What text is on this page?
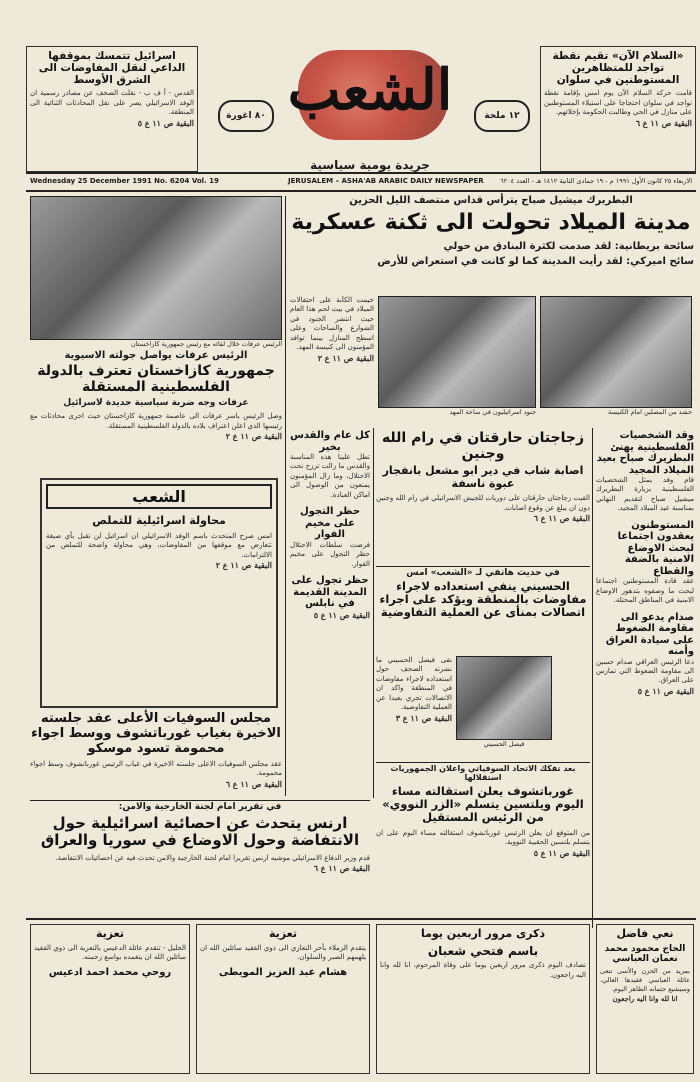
«السلام الآن» تقيم نقطة تواجد للمتظاهرين المستوطنين في سلوان
قامت حركة السلام الآن يوم امس بإقامة نقطة تواجد في سلوان احتجاجا على استيلاء المستوطنين على منازل في الحي وطالبت الحكومة بإخلائهم.
البقية ص ١١ ع ٦
اسرائيل تتمسك بموقفها الداعي لنقل المفاوضات الى الشرق الأوسط
القدس - أ ف ب - نقلت الصحف عن مصادر رسمية ان الوفد الاسرائيلي يصر على نقل المحادثات الثنائية الى المنطقة.
البقية ص ١١ ع ٥	الشعب
جريدة يومية سياسية
١٢ ملحة
٨٠ اغورة
Wednesday 25 December 1991 No. 6204 Vol. 19	JERUSALEM – ASHA'AB ARABIC DAILY NEWSPAPER	الاربعاء ٢٥ كانون الأول ١٩٩١ م - ١٩ جمادى الثانية ١٤١٢ هـ - العدد ٦٢٠٤
البطريرك ميشيل صباح يترأس قداس منتصف الليل الحزين
مدينة الميلاد تحولت الى ثكنة عسكرية
سائحة بريطانية: لقد صدمت لكثرة البنادق من حولي
سائح اميركي: لقد رأيت المدينة كما لو كانت في استعراض للأرض
حشد من المصلين امام الكنيسة
جنود اسرائيليون في ساحة المهد
خيمت الكآبة على احتفالات الميلاد في بيت لحم هذا العام حيث انتشر الجنود في الشوارع والساحات وعلى اسطح المنازل بينما توافد المؤمنون الى كنيسة المهد.
البقية ص ١١ ع ٢
الرئيس عرفات خلال لقائه مع رئيس جمهورية كازاخستان
الرئيس عرفات يواصل جولته الاسيوية
جمهورية كازاخستان تعترف بالدولة الفلسطينية المستقلة
عرفات وجه ضربة سياسية جديدة لاسرائيل
وصل الرئيس ياسر عرفات الى عاصمة جمهورية كازاخستان حيث اجرى محادثات مع رئيسها الذي اعلن اعتراف بلاده بالدولة الفلسطينية المستقلة.
البقية ص ١١ ع ٢	وقد الشخصيات الفلسطينية يهنئ البطريرك صباح بعيد الميلاد المجيد
قام وفد يمثل الشخصيات الفلسطينية بزيارة البطريرك ميشيل صباح لتقديم التهاني بمناسبة عيد الميلاد المجيد.
المستوطنون يعقدون اجتماعا لبحث الاوضاع الامنية بالضفة والقطاع
عقد قادة المستوطنين اجتماعا لبحث ما وصفوه بتدهور الاوضاع الامنية في المناطق المحتلة.
صدام يدعو الى مقاومة الضغوط على سيادة العراق وأمنه
دعا الرئيس العراقي صدام حسين الى مقاومة الضغوط التي تمارس على العراق.
البقية ص ١١ ع ٥
زجاجتان حارقتان في رام الله وجنين
اصابة شاب في دير ابو مشعل بانفجار عبوة ناسفة
القيت زجاجتان حارقتان على دوريات للجيش الاسرائيلي في رام الله وجنين دون ان يبلغ عن وقوع اصابات.
البقية ص ١١ ع ٦
في حديث هاتفي لـ «الشعب» امس
الحسيني ينفي استعداده لاجراء مفاوضات بالمنطقة ويؤكد على اجراء اتصالات بمنأى عن العملية التفاوضية
فيصل الحسيني
نفى فيصل الحسيني ما نشرته الصحف حول استعداده لاجراء مفاوضات في المنطقة واكد ان الاتصالات تجري بعيدا عن العملية التفاوضية.
البقية ص ١١ ع ٣
كل عام والقدس بخير
تطل علينا هذه المناسبة والقدس ما زالت ترزح تحت الاحتلال، وما زال المؤمنون يمنعون من الوصول الى اماكن العبادة.
حظر التجول على مخيم الفوار
فرضت سلطات الاحتلال حظر التجول على مخيم الفوار.
حظر تجول على المدينة القديمة في نابلس
البقية ص ١١ ع ٥
الشعب
محاولة اسرائيلية للتملص
امس صرح المتحدث باسم الوفد الاسرائيلي ان اسرائيل لن تقبل بأي صيغة تتعارض مع موقفها من المفاوضات، وهي محاولة واضحة للتملص من الالتزامات.
البقية ص ١١ ع ٢
مجلس السوفيات الأعلى عقد جلسته الاخيرة بغياب غورباتشوف ووسط اجواء محمومة تسود موسكو
عقد مجلس السوفيات الاعلى جلسته الاخيرة في غياب الرئيس غورباتشوف وسط اجواء محمومة.
البقية ص ١١ ع ٦
بعد تفكك الاتحاد السوفياتي واعلان الجمهوريات استقلالها
غورباتشوف يعلن استقالته مساء اليوم ويلتسين يتسلم «الزر النووي» من الرئيس المستقيل
من المتوقع ان يعلن الرئيس غورباتشوف استقالته مساء اليوم على ان يتسلم يلتسين الحقيبة النووية.
البقية ص ١١ ع ٥
في تقرير امام لجنة الخارجية والامن:
ارنس يتحدث عن احصائية اسرائيلية حول الانتفاضة وحول الاوضاع في سوريا والعراق
قدم وزير الدفاع الاسرائيلي موشيه ارنس تقريرا امام لجنة الخارجية والامن تحدث فيه عن احصائيات الانتفاضة.
البقية ص ١١ ع ٦
تعزية
الخليل - تتقدم عائلة الدعيس بالتعزية الى ذوي الفقيد سائلين الله ان يتغمده بواسع رحمته.
روحي محمد احمد ادعيس
تعزية
يتقدم الزملاء بأحر التعازي الى ذوي الفقيد سائلين الله ان يلهمهم الصبر والسلوان.
هشام عبد العزيز المويطى
ذكرى مرور اربعين يوما
باسم فتحي شعبان
تصادف اليوم ذكرى مرور اربعين يوما على وفاة المرحوم، انا لله وانا اليه راجعون.
نعي فاضل
الحاج محمود محمد نعمان العباسي
بمزيد من الحزن والأسى تنعى عائلة العباسي فقيدها الغالي، وسيشيع جثمانه الطاهر اليوم.
انا لله وانا اليه راجعون
